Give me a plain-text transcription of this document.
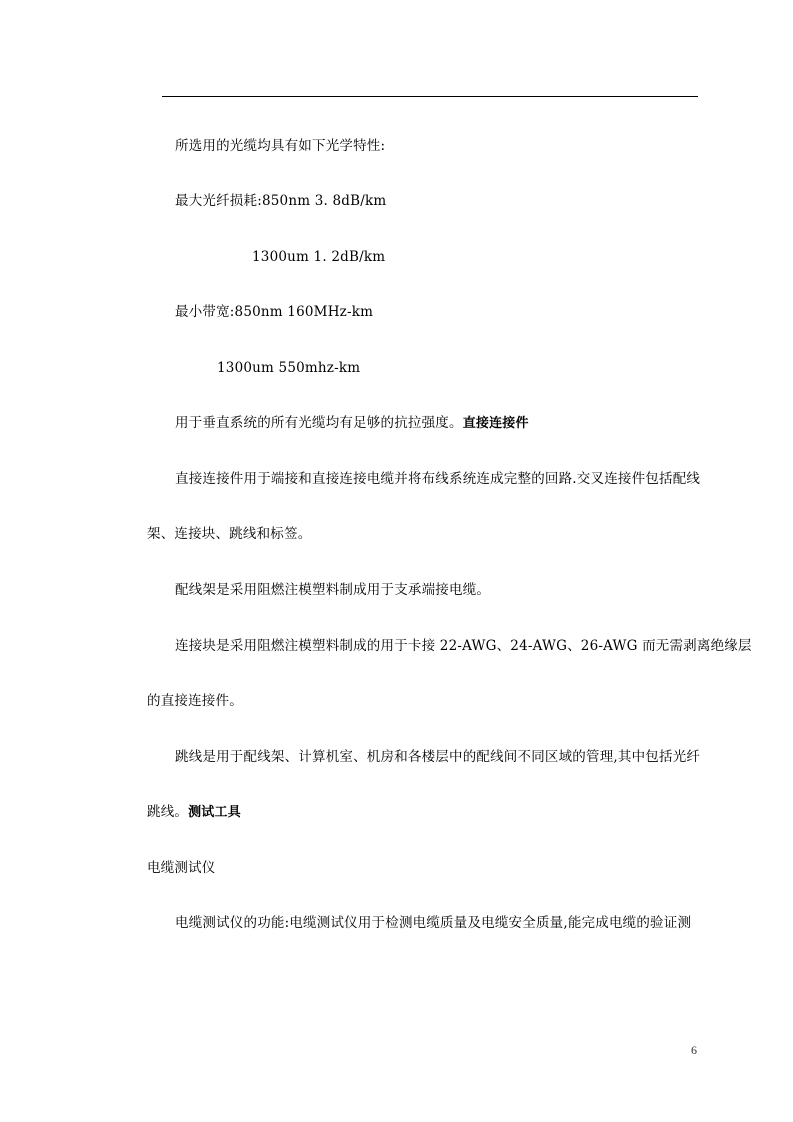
所选用的光缆均具有如下光学特性:
最大光纤损耗:850nm 3. 8dB/km
1300um 1. 2dB/km
最小带宽:850nm 160MHz-km
1300um 550mhz-km
用于垂直系统的所有光缆均有足够的抗拉强度。直接连接件
直接连接件用于端接和直接连接电缆并将布线系统连成完整的回路.交叉连接件包括配线
架、连接块、跳线和标签。
配线架是采用阻燃注模塑料制成用于支承端接电缆。
连接块是采用阻燃注模塑料制成的用于卡接 22-AWG、24-AWG、26-AWG 而无需剥离绝缘层
的直接连接件。
跳线是用于配线架、计算机室、机房和各楼层中的配线间不同区域的管理,其中包括光纤
跳线。测试工具
电缆测试仪
电缆测试仪的功能:电缆测试仪用于检测电缆质量及电缆安全质量,能完成电缆的验证测
6
